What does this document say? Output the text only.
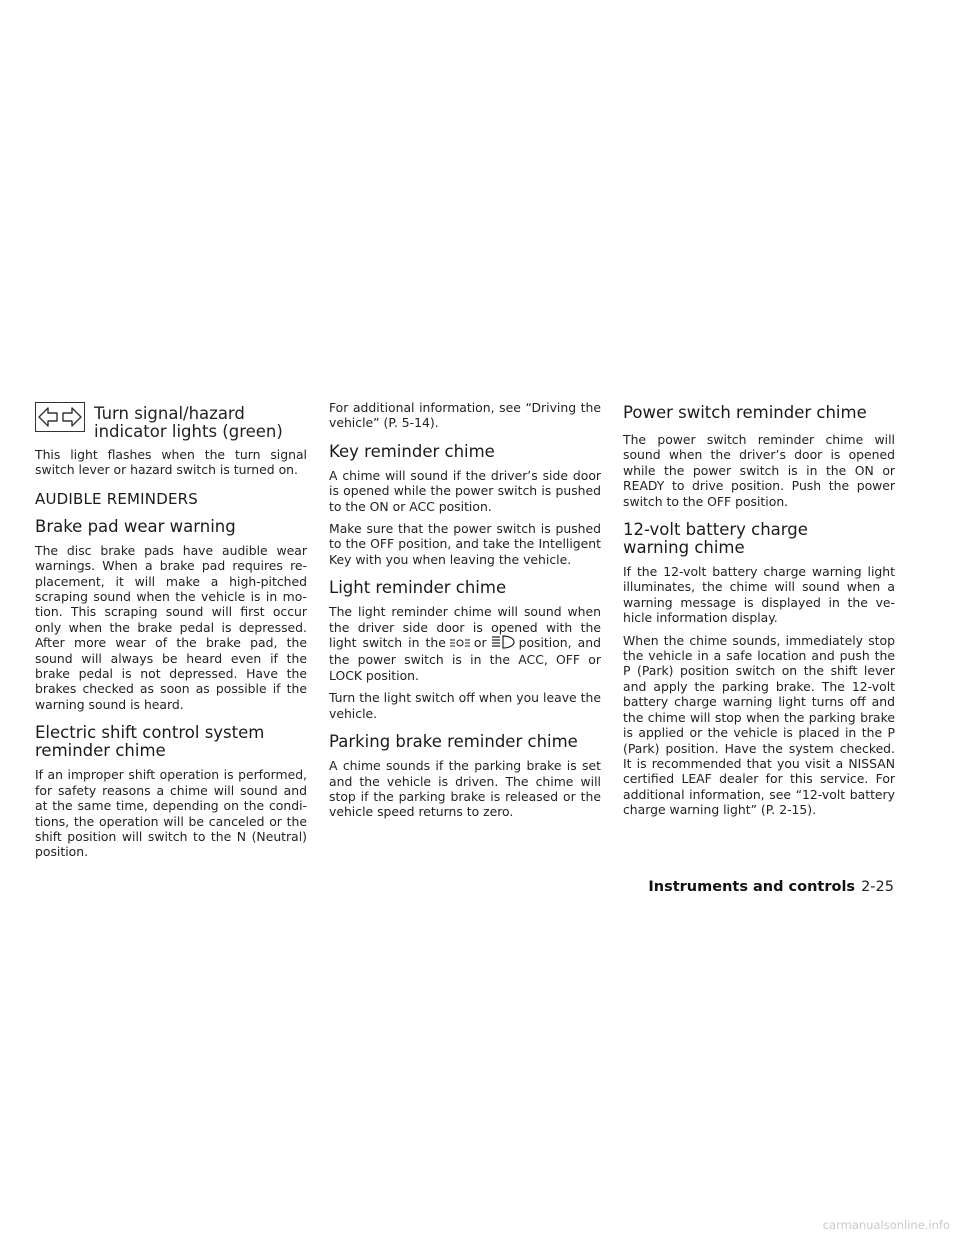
Turn signal/hazard
indicator lights (green)

This light flashes when the turn signal switch lever or hazard switch is turned on.

AUDIBLE REMINDERS
Brake pad wear warning

The disc brake pads have audible wear warnings. When a brake pad requires re- placement, it will make a high-pitched scraping sound when the vehicle is in mo- tion. This scraping sound will first occur only when the brake pedal is depressed. After more wear of the brake pad, the sound will always be heard even if the brake pedal is not depressed. Have the brakes checked as soon as possible if the warning sound is heard.

Electric shift control system
reminder chime

If an improper shift operation is performed, for safety reasons a chime will sound and at the same time, depending on the condi- tions, the operation will be canceled or the shift position will switch to the N (Neutral) position.

For additional information, see “Driving the vehicle” (P. 5-14).

Key reminder chime

A chime will sound if the driver’s side door is opened while the power switch is pushed to the ON or ACC position.

Make sure that the power switch is pushed to the OFF position, and take the Intelligent Key with you when leaving the vehicle.

Light reminder chime

The light reminder chime will sound when the driver side door is opened with the light switch in the or	position, and the power switch is in the ACC, OFF or LOCK position.

Turn the light switch off when you leave the vehicle.

Parking brake reminder chime

A chime sounds if the parking brake is set and the vehicle is driven. The chime will stop if the parking brake is released or the vehicle speed returns to zero.

Power switch reminder chime

The power switch reminder chime will sound when the driver’s door is opened while the power switch is in the ON or READY to drive position. Push the power switch to the OFF position.

12-volt battery charge
warning chime

If the 12-volt battery charge warning light illuminates, the chime will sound when a warning message is displayed in the ve- hicle information display.

When the chime sounds, immediately stop the vehicle in a safe location and push the P (Park) position switch on the shift lever and apply the parking brake. The 12-volt battery charge warning light turns off and the chime will stop when the parking brake is applied or the vehicle is placed in the P (Park) position. Have the system checked. It is recommended that you visit a NISSAN certified LEAF dealer for this service. For additional information, see “12-volt battery charge warning light” (P. 2-15).

Instruments and controls 2-25
carmanualsonline.info
